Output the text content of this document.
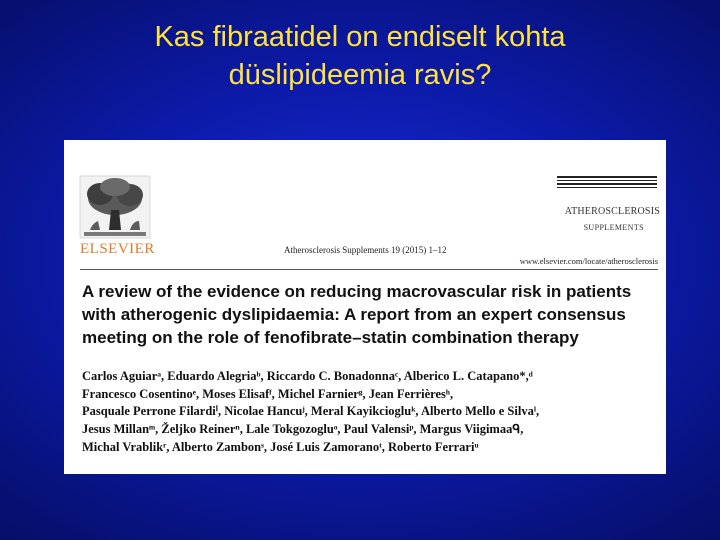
Kas fibraatidel on endiselt kohta
düslipideemia ravis?
ELSEVIER	Atherosclerosis Supplements 19 (2015) 1–12
ATHEROSCLEROSIS
SUPPLEMENTS
www.elsevier.com/locate/atherosclerosis
A review of the evidence on reducing macrovascular risk in patients
with atherogenic dyslipidaemia: A report from an expert consensus
meeting on the role of fenofibrate–statin combination therapy
Carlos Aguiarᵃ, Eduardo Alegriaᵇ, Riccardo C. Bonadonnaᶜ, Alberico L. Catapano*,ᵈ
Francesco Cosentinoᵉ, Moses Elisafᶠ, Michel Farnierᵍ, Jean Ferrièresʰ,
Pasquale Perrone Filardiⁱ, Nicolae Hancuʲ, Meral Kayikciogluᵏ, Alberto Mello e Silvaˡ,
Jesus Millanᵐ, Željko Reinerⁿ, Lale Tokgozogluᵒ, Paul Valensiᵖ, Margus Viigimaaᑫ,
Michal Vrablikʳ, Alberto Zambonˢ, José Luis Zamoranoᵗ, Roberto Ferrariᵘ
